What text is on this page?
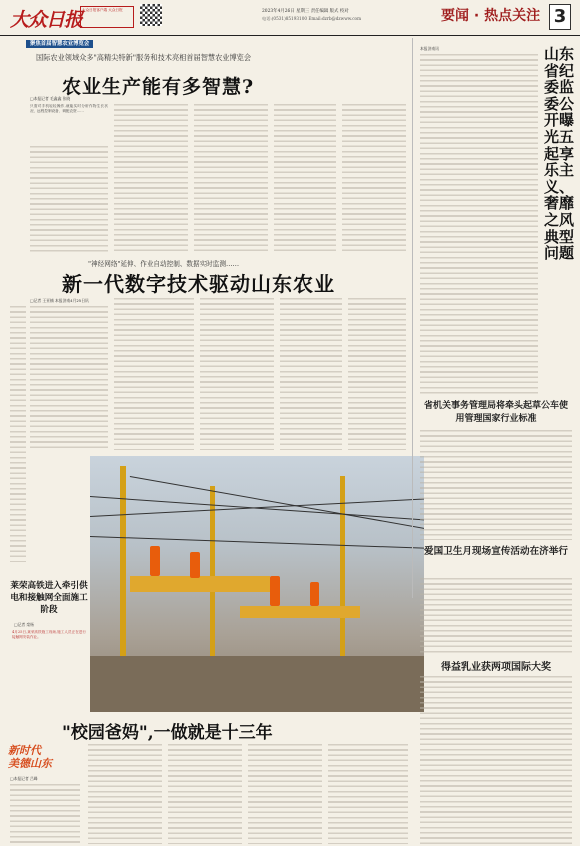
大众日报 大众日报客户端 大众日报	2023年4月26日 星期三 责任编辑 版式 校对
电话:(0531)85193100 Email:dzrb@dzwww.com	要闻 · 热点关注 3
聚焦首届智慧农业博览会
国际农业领域众多"高精尖特新"服务和技术亮相首届智慧农业博览会
农业生产能有多智慧?
□本报记者 毛鑫鑫 张晓
只需对手机轻轻操作,就能实时分析作物生长状况、远程控制设备、调配农资……
"神经网络"延伸、作业自动控制、数据实时监测……
新一代数字技术驱动山东农业
□记者 王亚楠 本报济南4月25日讯
莱荣高铁进入牵引供电和接触网全面施工阶段
□记者 栾杨
4月25日,莱荣高铁施工现场,施工人员正在进行接触网安装作业。
"校园爸妈",一做就是十三年
新时代 美德山东
□本报记者 吕峰
山东省纪委监委公开曝光五起享乐主义、奢靡之风典型问题
本报济南讯
省机关事务管理局将牵头起草公车使用管理国家行业标准
爱国卫生月现场宣传活动在济举行
得益乳业获两项国际大奖
